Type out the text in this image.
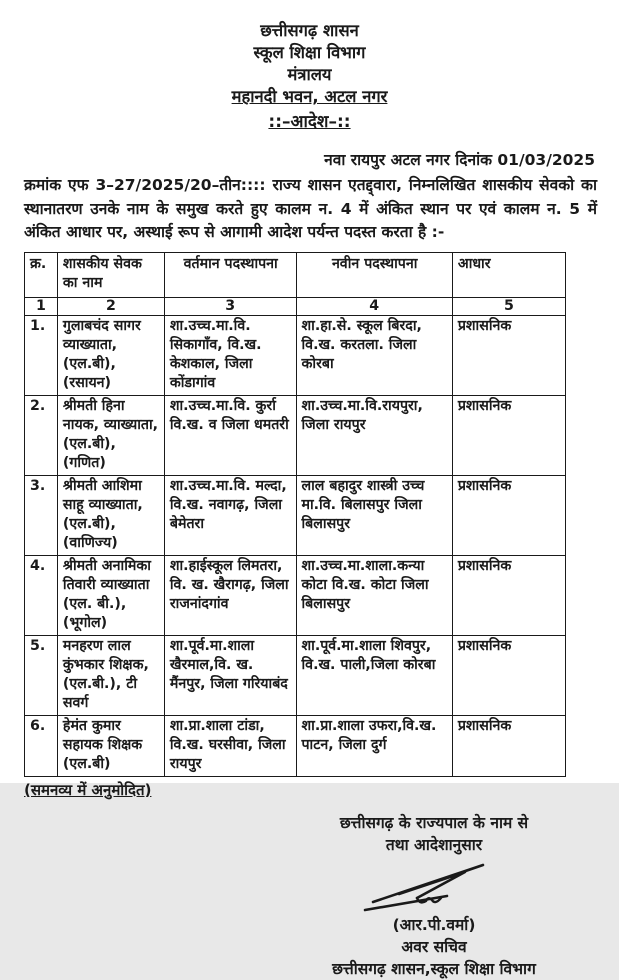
छत्तीसगढ़ शासन
स्कूल शिक्षा विभाग
मंत्रालय
महानदी भवन, अटल नगर
::–आदेश–::
नवा रायपुर अटल नगर दिनांक 01/03/2025
क्रमांक एफ 3–27/2025/20–तीन:::: राज्य शासन एतद्द्वारा, निम्नलिखित शासकीय सेवको का स्थानातरण उनके नाम के समुख करते हुए कालम न. 4 में अंकित स्थान पर एवं कालम न. 5 में अंकित आधार पर, अस्थाई रूप से आगामी आदेश पर्यन्त पदस्त करता है :-
क्र.	शासकीय सेवक का नाम	वर्तमान पदस्थापना	नवीन पदस्थापना	आधार
1	2	3	4	5
1.	गुलाबचंद सागर व्याख्याता, (एल.बी), (रसायन)	शा.उच्च.मा.वि. सिकागाँव, वि.ख. केशकाल, जिला कोंडागांव	शा.हा.से. स्कूल बिरदा, वि.ख. करतला. जिला कोरबा	प्रशासनिक
2.	श्रीमती हिना नायक, व्याख्याता, (एल.बी), (गणित)	शा.उच्च.मा.वि. कुर्रा वि.ख. व जिला धमतरी	शा.उच्च.मा.वि.रायपुरा, जिला रायपुर	प्रशासनिक
3.	श्रीमती आशिमा साहू व्याख्याता, (एल.बी), (वाणिज्य)	शा.उच्च.मा.वि. मल्दा, वि.ख. नवागढ़, जिला बेमेतरा	लाल बहादुर शास्त्री उच्च मा.वि. बिलासपुर जिला बिलासपुर	प्रशासनिक
4.	श्रीमती अनामिका तिवारी व्याख्याता (एल. बी.), (भूगोल)	शा.हाईस्कूल लिमतरा, वि. ख. खैरागढ़, जिला राजनांदगांव	शा.उच्च.मा.शाला.कन्या कोटा वि.ख. कोटा जिला बिलासपुर	प्रशासनिक
5.	मनहरण लाल कुंभकार शिक्षक, (एल.बी.), टी सवर्ग	शा.पूर्व.मा.शाला खैरमाल,वि. ख. मैंनपुर, जिला गरियाबंद	शा.पूर्व.मा.शाला शिवपुर, वि.ख. पाली,जिला कोरबा	प्रशासनिक
6.	हेमंत कुमार सहायक शिक्षक (एल.बी)	शा.प्रा.शाला टांडा, वि.ख. घरसीवा, जिला रायपुर	शा.प्रा.शाला उफरा,वि.ख. पाटन, जिला दुर्ग	प्रशासनिक
(समनव्य में अनुमोदित)
छत्तीसगढ़ के राज्यपाल के नाम से
तथा आदेशानुसार
(आर.पी.वर्मा)
अवर सचिव
छत्तीसगढ़ शासन,स्कूल शिक्षा विभाग
